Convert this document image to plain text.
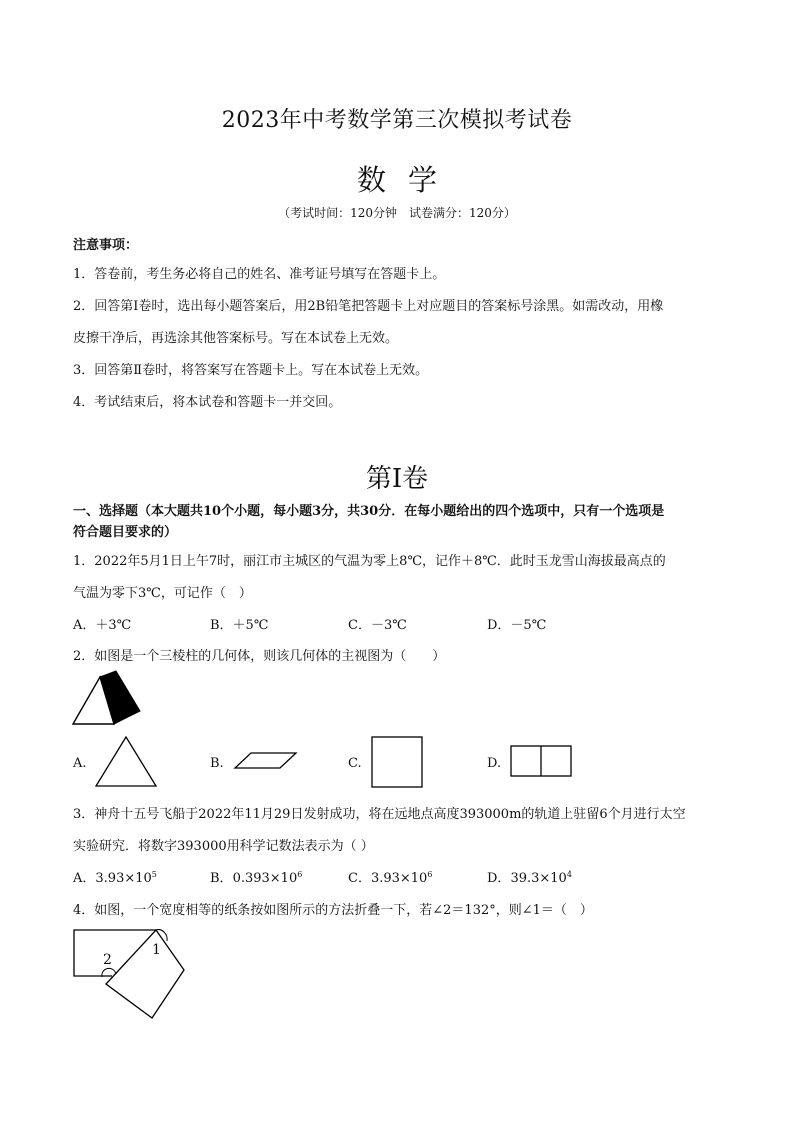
2023年中考数学第三次模拟考试卷
数学
（考试时间：120分钟　试卷满分：120分）
注意事项：
1．答卷前，考生务必将自己的姓名、准考证号填写在答题卡上。
2．回答第Ⅰ卷时，选出每小题答案后，用2B铅笔把答题卡上对应题目的答案标号涂黑。如需改动，用橡
皮擦干净后，再选涂其他答案标号。写在本试卷上无效。
3．回答第Ⅱ卷时，将答案写在答题卡上。写在本试卷上无效。
4．考试结束后，将本试卷和答题卡一并交回。
第Ⅰ卷
一、选择题（本大题共10个小题，每小题3分，共30分．在每小题给出的四个选项中，只有一个选项是
符合题目要求的）
1．2022年5月1日上午7时，丽江市主城区的气温为零上8℃，记作＋8℃．此时玉龙雪山海拔最高点的
气温为零下3℃，可记作（　）
A．＋3℃	B．＋5℃	C．－3℃	D．－5℃
2．如图是一个三棱柱的几何体，则该几何体的主视图为（　　）
A.	B.	C.	D.
3．神舟十五号飞船于2022年11月29日发射成功，将在远地点高度393000m的轨道上驻留6个月进行太空
实验研究．将数字393000用科学记数法表示为（ ）
A．$3.93\times 10^5$	B．$0.393\times 10^6$	C．$3.93\times 10^6$	D．$39.3\times 10^4$
4．如图，一个宽度相等的纸条按如图所示的方法折叠一下，若∠2＝132°，则∠1＝（　）
1
2
